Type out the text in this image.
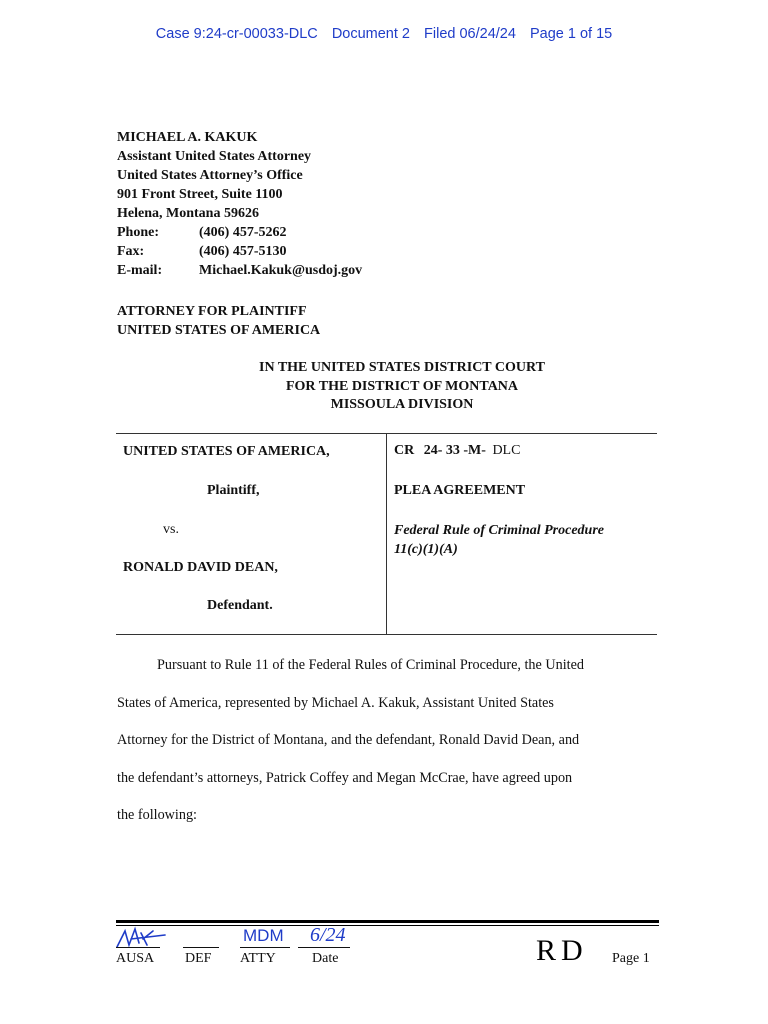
Case 9:24-cr-00033-DLC Document 2 Filed 06/24/24 Page 1 of 15
MICHAEL A. KAKUK
Assistant United States Attorney
United States Attorney’s Office
901 Front Street, Suite 1100
Helena, Montana 59626
Phone:	(406) 457-5262
Fax:	(406) 457-5130
E-mail:	Michael.Kakuk@usdoj.gov
ATTORNEY FOR PLAINTIFF
UNITED STATES OF AMERICA
IN THE UNITED STATES DISTRICT COURT
FOR THE DISTRICT OF MONTANA
MISSOULA DIVISION
UNITED STATES OF AMERICA,
Plaintiff,
vs.
RONALD DAVID DEAN,
Defendant.
CR 24- 33 -M- DLC
PLEA AGREEMENT
Federal Rule of Criminal Procedure
11(c)(1)(A)
Pursuant to Rule 11 of the Federal Rules of Criminal Procedure, the United
States of America, represented by Michael A. Kakuk, Assistant United States
Attorney for the District of Montana, and the defendant, Ronald David Dean, and
the defendant’s attorneys, Patrick Coffey and Megan McCrae, have agreed upon
the following:
MDM 6/24
AUSA DEF ATTY	Date	RD Page 1
